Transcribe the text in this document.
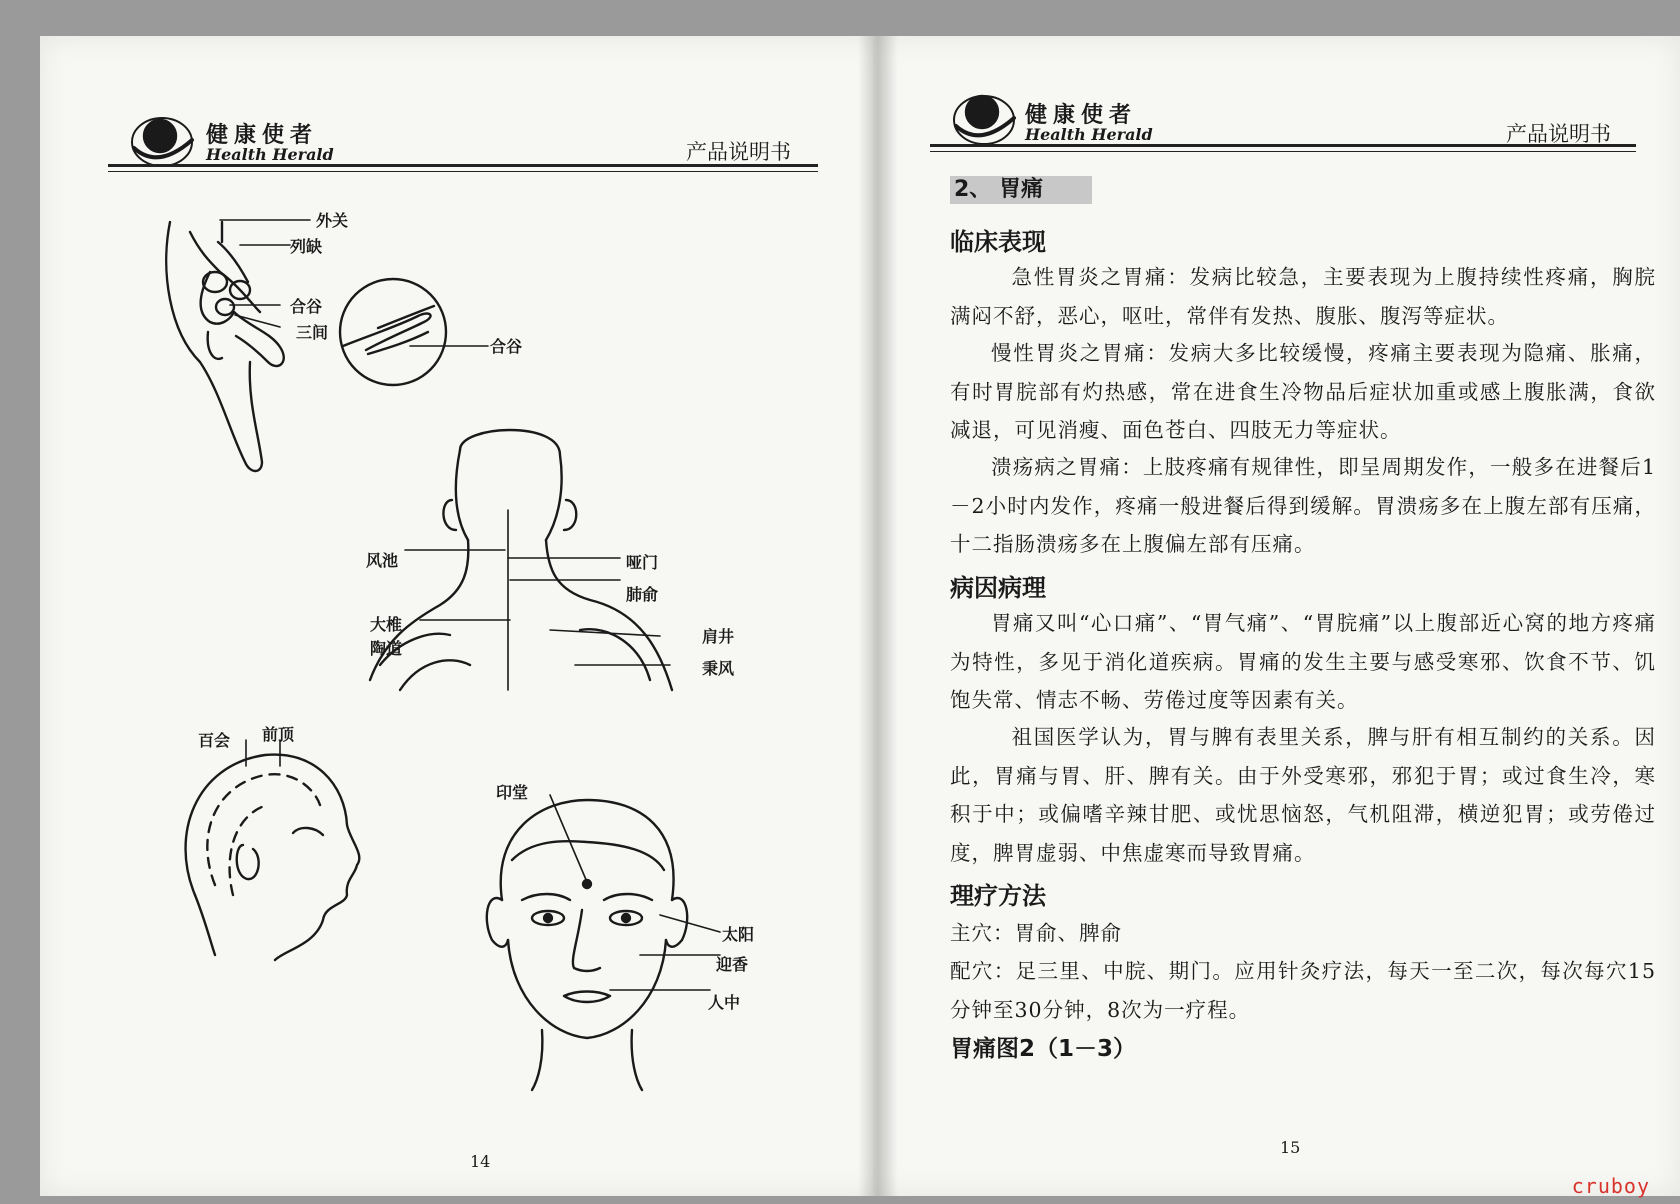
健康使者
Health Herald	产品说明书
健康使者
Health Herald	产品说明书
外关
列缺
合谷
三间
合谷
风池	哑门
肺俞
大椎
陶道
肩井
秉风
百会 前顶
印堂
太阳
迎香
人中
14
2、 胃痛
临床表现

急性胃炎之胃痛：发病比较急，主要表现为上腹持续性疼痛，胸脘满闷不舒，恶心，呕吐，常伴有发热、腹胀、腹泻等症状。

慢性胃炎之胃痛：发病大多比较缓慢，疼痛主要表现为隐痛、胀痛，有时胃脘部有灼热感，常在进食生冷物品后症状加重或感上腹胀满，食欲减退，可见消瘦、面色苍白、四肢无力等症状。

溃疡病之胃痛：上肢疼痛有规律性，即呈周期发作，一般多在进餐后1－2小时内发作，疼痛一般进餐后得到缓解。胃溃疡多在上腹左部有压痛，十二指肠溃疡多在上腹偏左部有压痛。

病因病理

胃痛又叫“心口痛”、“胃气痛”、“胃脘痛”以上腹部近心窝的地方疼痛为特性，多见于消化道疾病。胃痛的发生主要与感受寒邪、饮食不节、饥饱失常、情志不畅、劳倦过度等因素有关。

祖国医学认为，胃与脾有表里关系，脾与肝有相互制约的关系。因此，胃痛与胃、肝、脾有关。由于外受寒邪，邪犯于胃；或过食生冷，寒积于中；或偏嗜辛辣甘肥、或忧思恼怒，气机阻滞，横逆犯胃；或劳倦过度，脾胃虚弱、中焦虚寒而导致胃痛。

理疗方法

主穴：胃俞、脾俞

配穴：足三里、中脘、期门。应用针灸疗法，每天一至二次，每次每穴15分钟至30分钟，8次为一疗程。

胃痛图2（1－3）
15
cruboy
